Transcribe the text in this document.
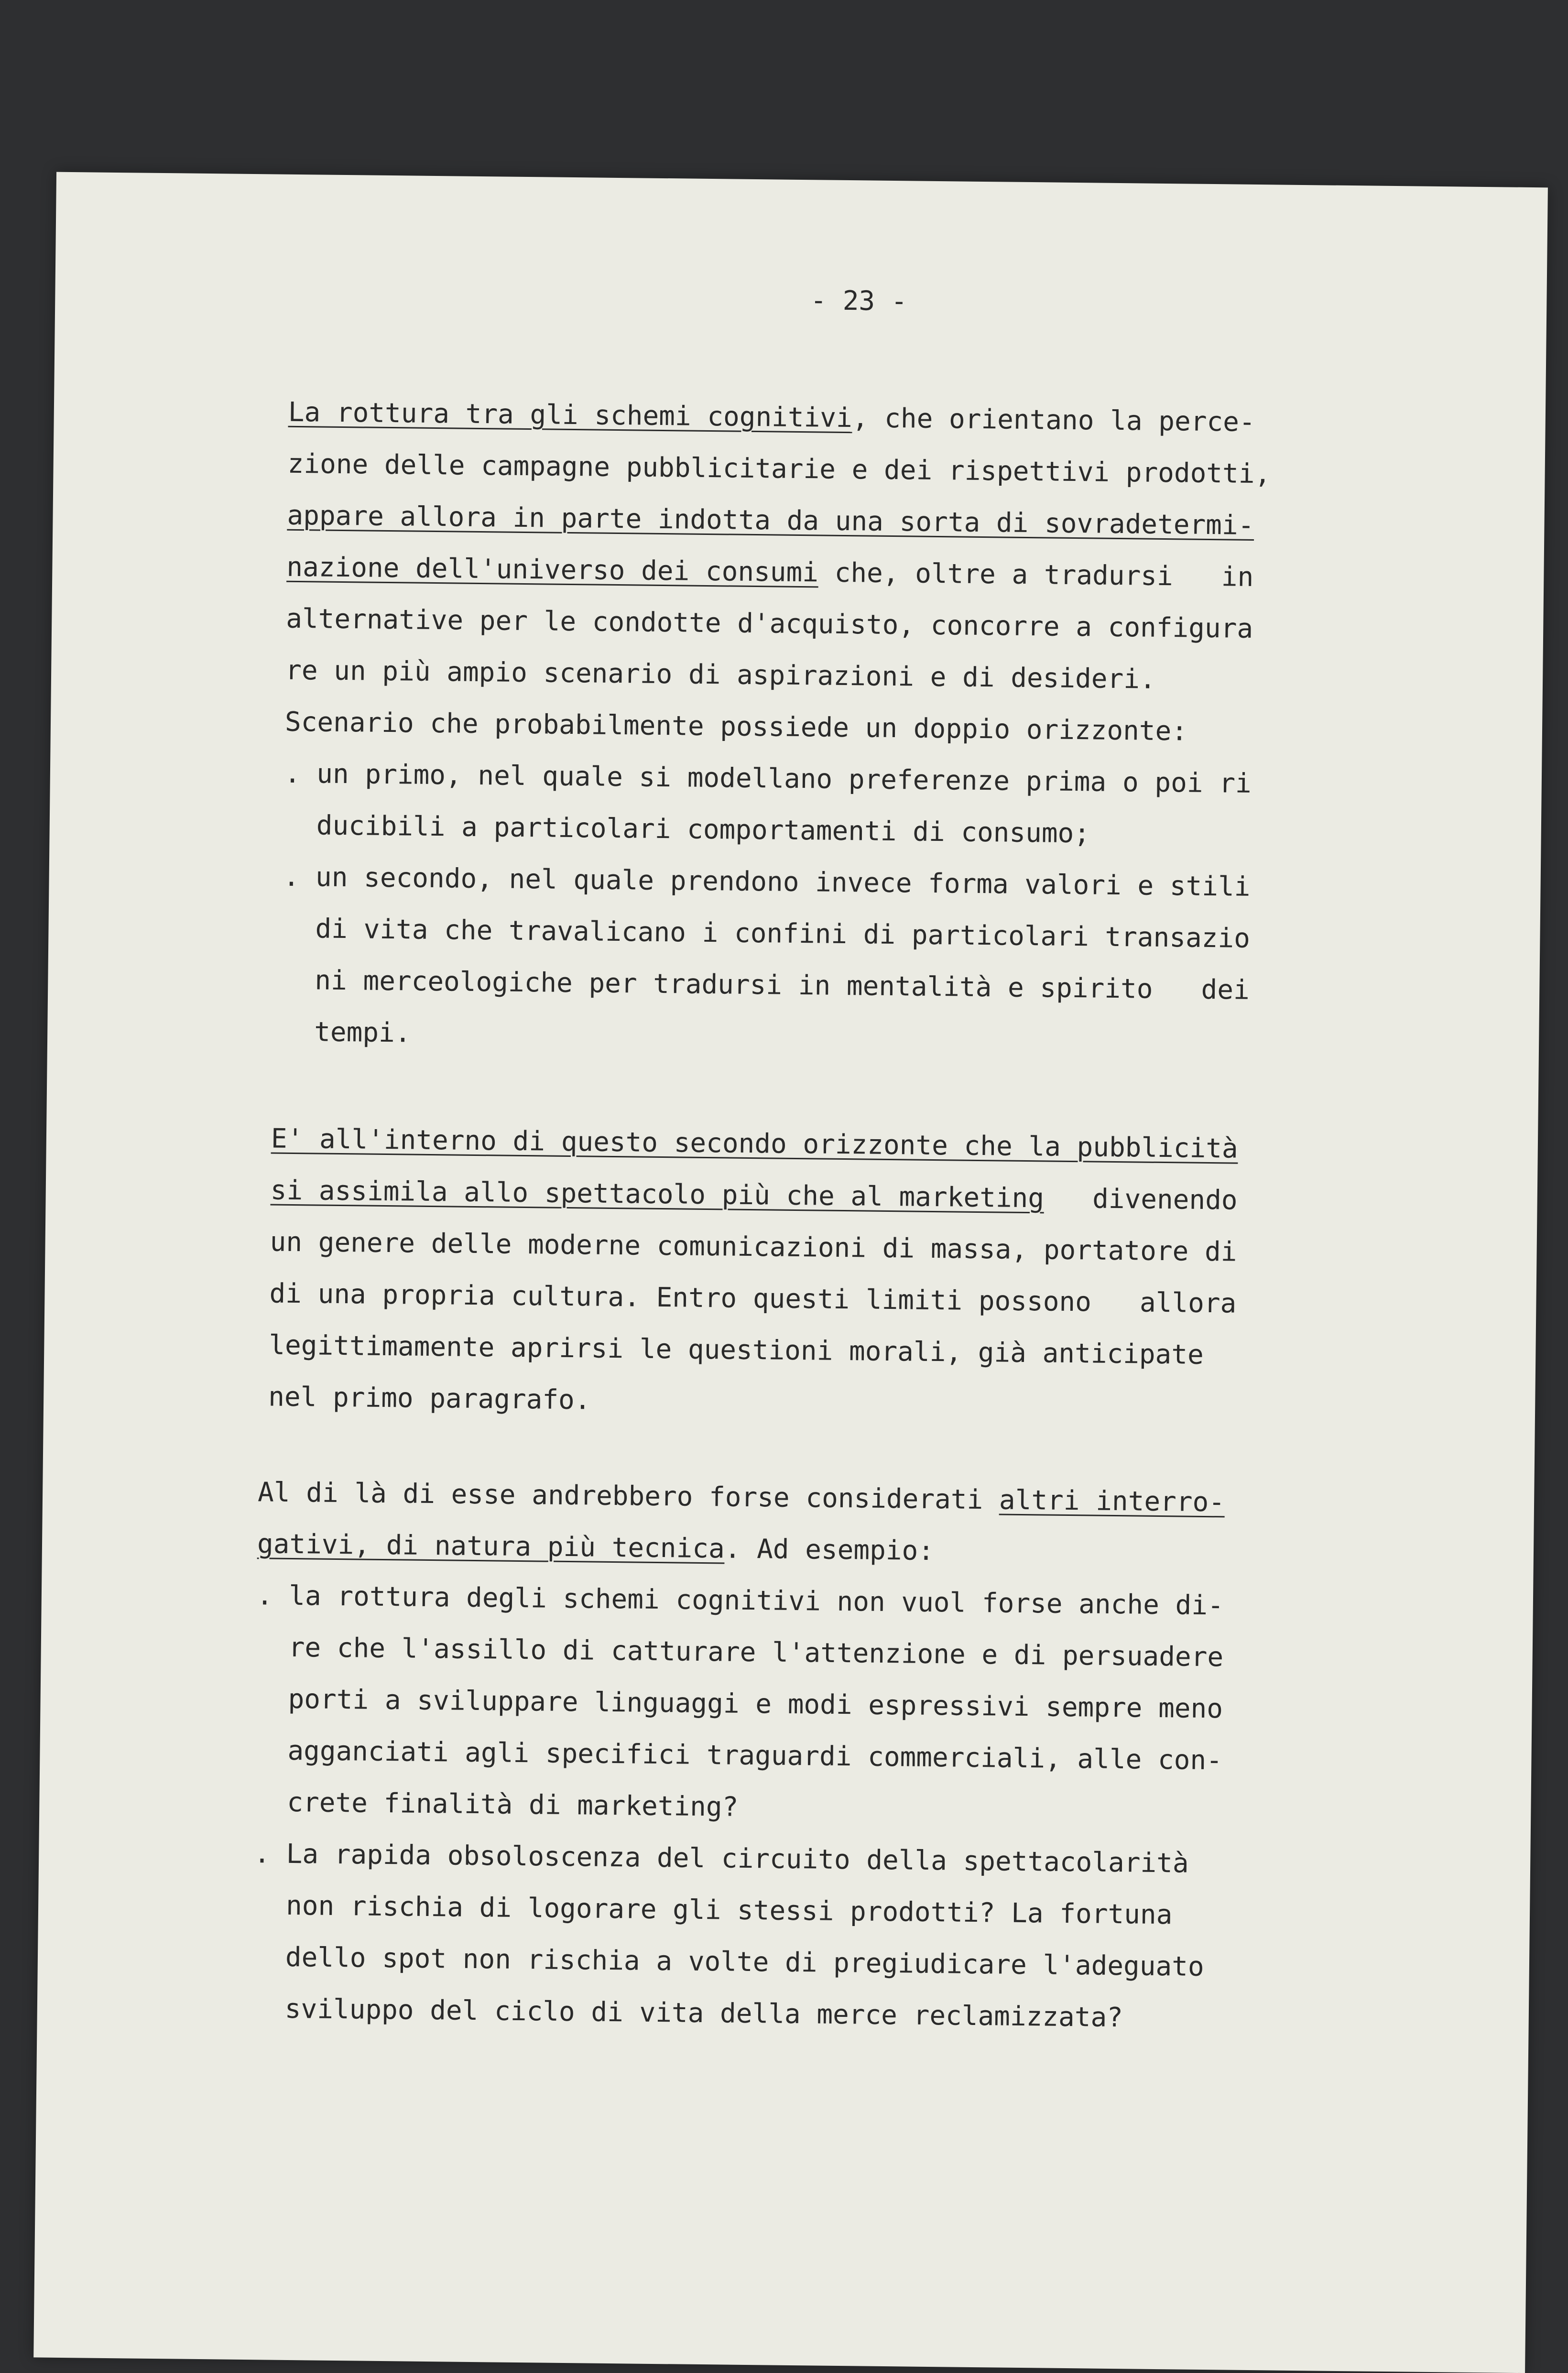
- 23 -
La rottura tra gli schemi cognitivi, che orientano la perce-
zione delle campagne pubblicitarie e dei rispettivi prodotti,
appare allora in parte indotta da una sorta di sovradetermi-
nazione dell'universo dei consumi che, oltre a tradursi   in
alternative per le condotte d'acquisto, concorre a configura
re un più ampio scenario di aspirazioni e di desideri.
Scenario che probabilmente possiede un doppio orizzonte:
. un primo, nel quale si modellano preferenze prima o poi ri
ducibili a particolari comportamenti di consumo;
. un secondo, nel quale prendono invece forma valori e stili
di vita che travalicano i confini di particolari transazio
ni merceologiche per tradursi in mentalità e spirito   dei
tempi.
E' all'interno di questo secondo orizzonte che la pubblicità
si assimila allo spettacolo più che al marketing   divenendo
un genere delle moderne comunicazioni di massa, portatore di
di una propria cultura. Entro questi limiti possono   allora
legittimamente aprirsi le questioni morali, già anticipate
nel primo paragrafo.
Al di là di esse andrebbero forse considerati altri interro-
gativi, di natura più tecnica. Ad esempio:
. la rottura degli schemi cognitivi non vuol forse anche di-
re che l'assillo di catturare l'attenzione e di persuadere
porti a sviluppare linguaggi e modi espressivi sempre meno
agganciati agli specifici traguardi commerciali, alle con-
crete finalità di marketing?
. La rapida obsoloscenza del circuito della spettacolarità
non rischia di logorare gli stessi prodotti? La fortuna
dello spot non rischia a volte di pregiudicare l'adeguato
sviluppo del ciclo di vita della merce reclamizzata?
